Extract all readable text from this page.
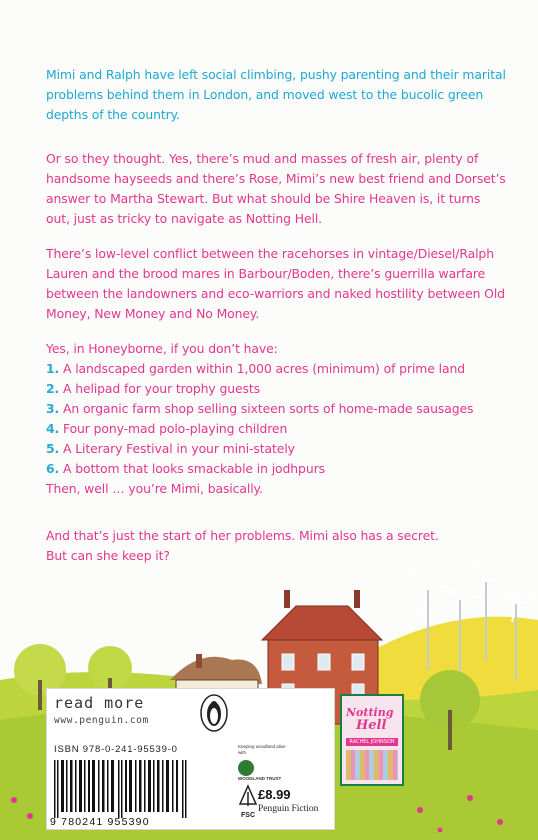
Mimi and Ralph have left social climbing, pushy parenting and their marital problems behind them in London, and moved west to the bucolic green depths of the country.
Or so they thought. Yes, there’s mud and masses of fresh air, plenty of handsome hayseeds and there’s Rose, Mimi’s new best friend and Dorset’s answer to Martha Stewart. But what should be Shire Heaven is, it turns out, just as tricky to navigate as Notting Hell.
There’s low-level conflict between the racehorses in vintage/Diesel/Ralph Lauren and the brood mares in Barbour/Boden, there’s guerrilla warfare between the landowners and eco-warriors and naked hostility between Old Money, New Money and No Money.
Yes, in Honeyborne, if you don’t have:
1. A landscaped garden within 1,000 acres (minimum) of prime land
2. A helipad for your trophy guests
3. An organic farm shop selling sixteen sorts of home-made sausages
4. Four pony-mad polo-playing children
5. A Literary Festival in your mini-stately
6. A bottom that looks smackable in jodhpurs
Then, well … you’re Mimi, basically.
And that’s just the start of her problems. Mimi also has a secret.
But can she keep it?
read more
www.penguin.com
ISBN 978-0-241-95539-0
9 780241 955390
Keeping woodland alive with
WOODLAND TRUST
FSC
£8.99
Penguin Fiction
Notting
Hell
RACHEL JOHNSON
